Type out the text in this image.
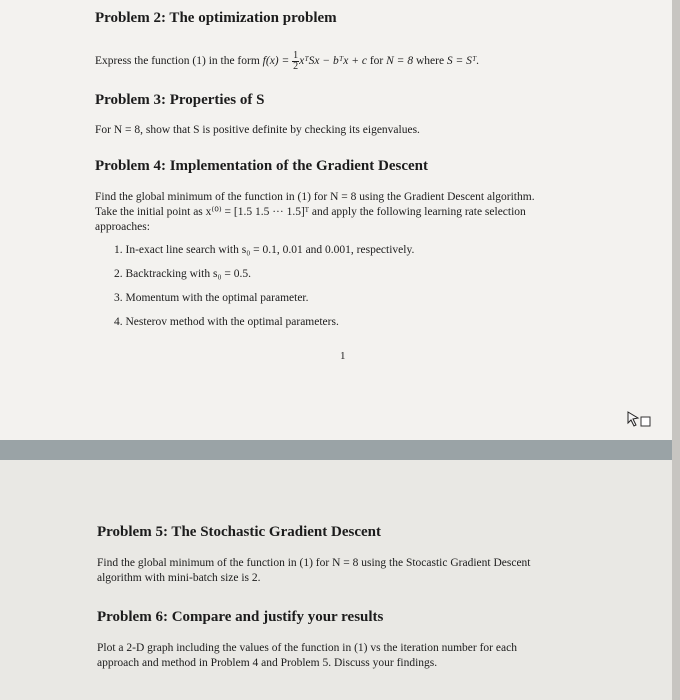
Problem 2: The optimization problem
Express the function (1) in the form $f(x) = \frac{1}{2}$ xᵀSx − bᵀx + c for N = 8 where S = Sᵀ.
Problem 3: Properties of S
For N = 8, show that S is positive definite by checking its eigenvalues.
Problem 4: Implementation of the Gradient Descent
Find the global minimum of the function in (1) for N = 8 using the Gradient Descent algorithm.
Take the initial point as x⁽⁰⁾ = [1.5 1.5 ··· 1.5]ᵀ and apply the following learning rate selection
approaches:
1. In-exact line search with s₀ = 0.1, 0.01 and 0.001, respectively.
2. Backtracking with s₀ = 0.5.
3. Momentum with the optimal parameter.
4. Nesterov method with the optimal parameters.
1
Problem 5: The Stochastic Gradient Descent
Find the global minimum of the function in (1) for N = 8 using the Stocastic Gradient Descent
algorithm with mini-batch size is 2.
Problem 6: Compare and justify your results
Plot a 2-D graph including the values of the function in (1) vs the iteration number for each
approach and method in Problem 4 and Problem 5. Discuss your findings.
